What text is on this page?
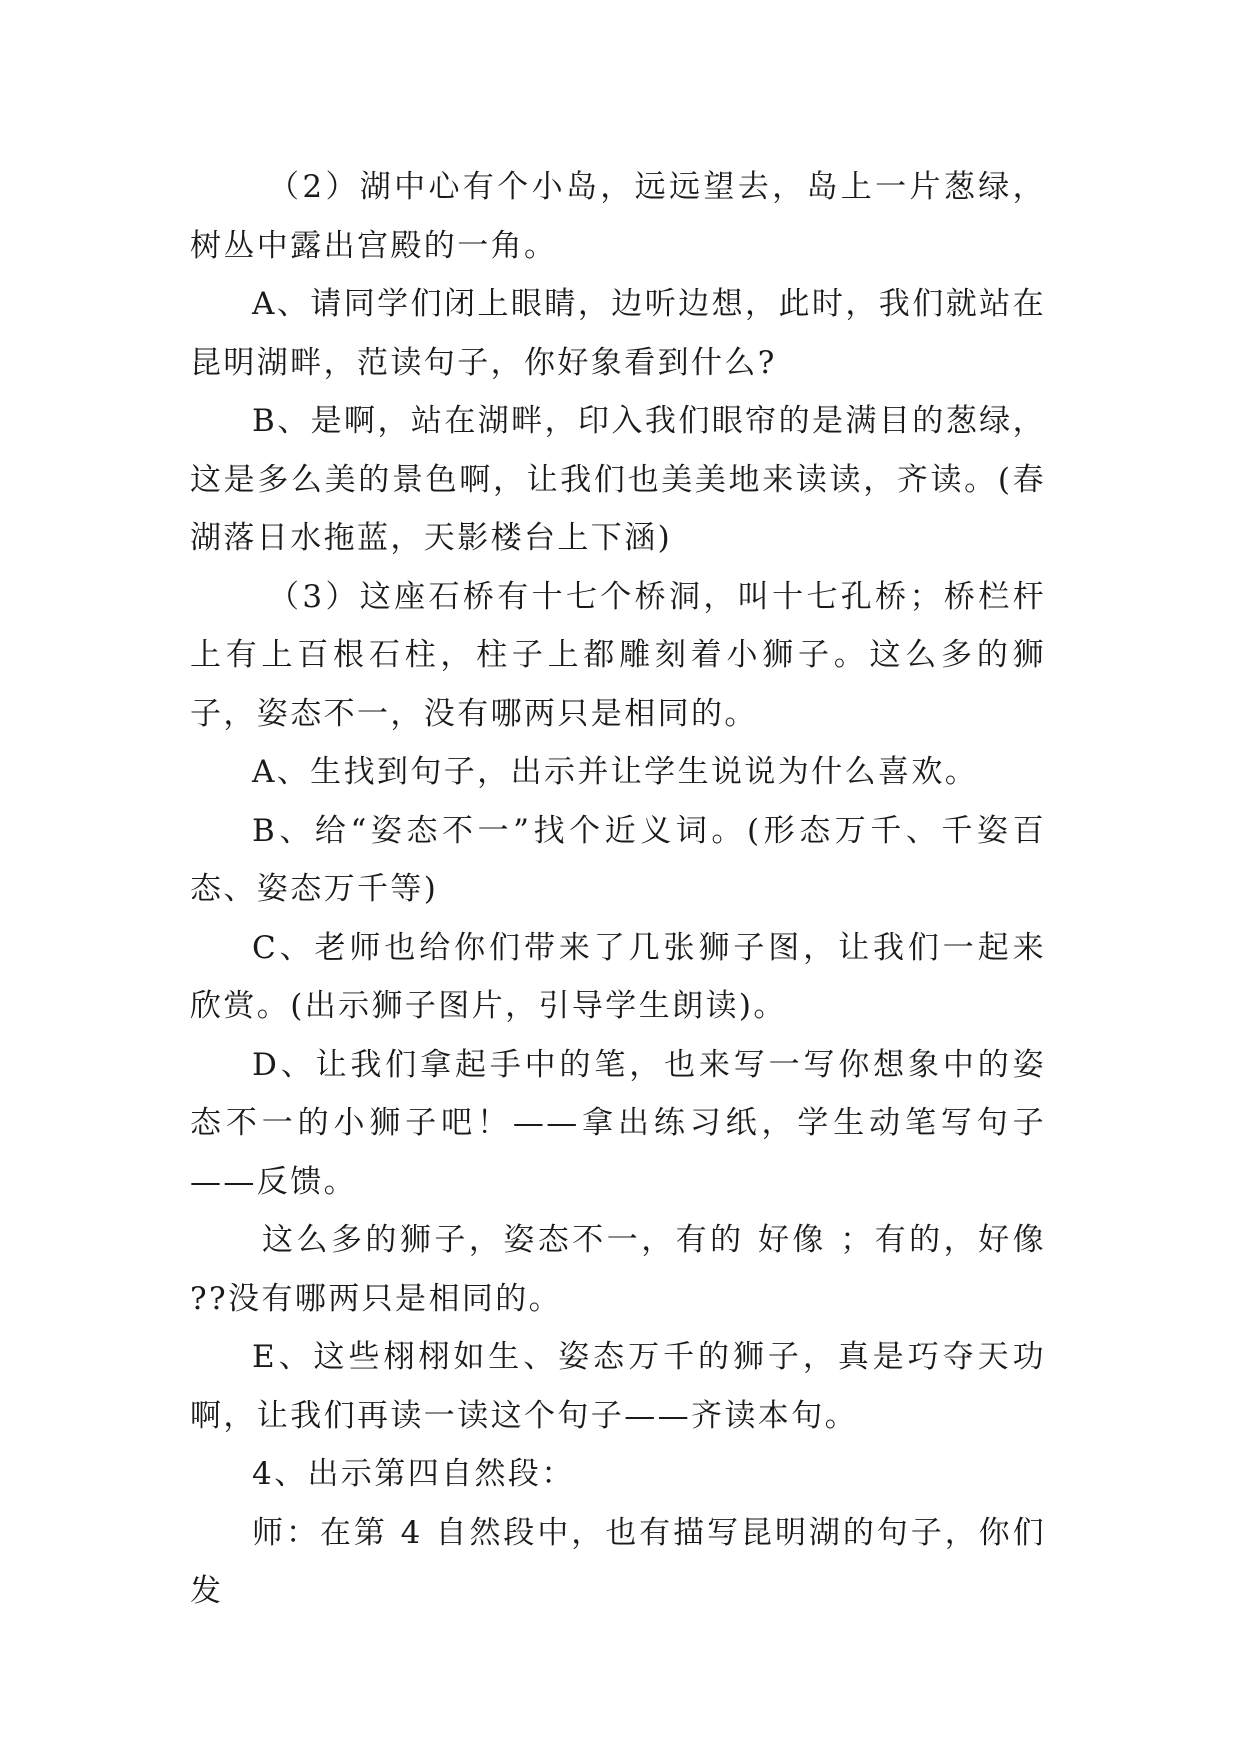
（2）湖中心有个小岛，远远望去，岛上一片葱绿，树丛中露出宫殿的一角。

A、请同学们闭上眼睛，边听边想，此时，我们就站在昆明湖畔，范读句子，你好象看到什么?

B、是啊，站在湖畔，印入我们眼帘的是满目的葱绿，这是多么美的景色啊，让我们也美美地来读读，齐读。(春湖落日水拖蓝，天影楼台上下涵)

（3）这座石桥有十七个桥洞，叫十七孔桥；桥栏杆上有上百根石柱，柱子上都雕刻着小狮子。这么多的狮子，姿态不一，没有哪两只是相同的。

A、生找到句子，出示并让学生说说为什么喜欢。

B、给“姿态不一”找个近义词。(形态万千、千姿百态、姿态万千等)

C、老师也给你们带来了几张狮子图，让我们一起来欣赏。(出示狮子图片，引导学生朗读)。

D、让我们拿起手中的笔，也来写一写你想象中的姿态不一的小狮子吧！——拿出练习纸，学生动笔写句子——反馈。

这么多的狮子，姿态不一，有的 好像 ；有的，好像 ??没有哪两只是相同的。

E、这些栩栩如生、姿态万千的狮子，真是巧夺天功啊，让我们再读一读这个句子——齐读本句。

4、出示第四自然段：

师：在第 4 自然段中，也有描写昆明湖的句子，你们发
